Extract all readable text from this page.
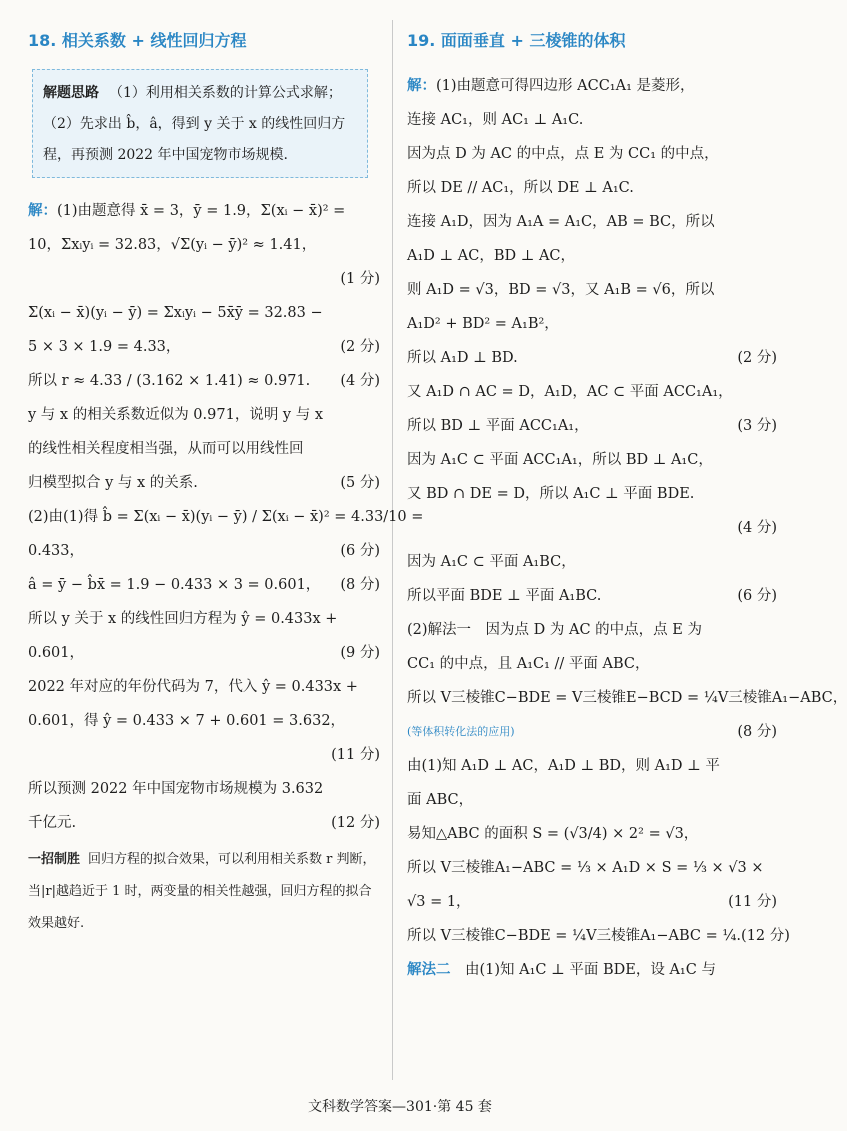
18. 相关系数 + 线性回归方程

解题思路 （1）利用相关系数的计算公式求解；（2）先求出 b̂，â，得到 y 关于 x 的线性回归方程，再预测 2022 年中国宠物市场规模.

解：(1)由题意得 x̄ = 3，ȳ = 1.9，Σ(xᵢ − x̄)² =
10，Σxᵢyᵢ = 32.83，√Σ(yᵢ − ȳ)² ≈ 1.41，
(1 分)
Σ(xᵢ − x̄)(yᵢ − ȳ) = Σxᵢyᵢ − 5x̄ȳ = 32.83 −
5 × 3 × 1.9 = 4.33，	(2 分)
所以 r ≈ 4.33 / (3.162 × 1.41) ≈ 0.971.	(4 分)
y 与 x 的相关系数近似为 0.971，说明 y 与 x
的线性相关程度相当强，从而可以用线性回
归模型拟合 y 与 x 的关系.	(5 分)
(2)由(1)得 b̂ = Σ(xᵢ − x̄)(yᵢ − ȳ) / Σ(xᵢ − x̄)² = 4.33/10 =
0.433，	(6 分)
â = ȳ − b̂x̄ = 1.9 − 0.433 × 3 = 0.601，	(8 分)
所以 y 关于 x 的线性回归方程为 ŷ = 0.433x +
0.601，	(9 分)
2022 年对应的年份代码为 7，代入 ŷ = 0.433x +
0.601，得 ŷ = 0.433 × 7 + 0.601 = 3.632，
(11 分)
所以预测 2022 年中国宠物市场规模为 3.632
千亿元.	(12 分)
一招制胜 回归方程的拟合效果，可以利用相关系数 r 判断，当|r|越趋近于 1 时，两变量的相关性越强，回归方程的拟合效果越好.
19. 面面垂直 + 三棱锥的体积
解：(1)由题意可得四边形 ACC₁A₁ 是菱形，
连接 AC₁，则 AC₁ ⊥ A₁C.
因为点 D 为 AC 的中点，点 E 为 CC₁ 的中点，
所以 DE // AC₁，所以 DE ⊥ A₁C.
连接 A₁D，因为 A₁A = A₁C，AB = BC，所以
A₁D ⊥ AC，BD ⊥ AC，
则 A₁D = √3，BD = √3，又 A₁B = √6，所以
A₁D² + BD² = A₁B²，
所以 A₁D ⊥ BD.	(2 分)
又 A₁D ∩ AC = D，A₁D，AC ⊂ 平面 ACC₁A₁，
所以 BD ⊥ 平面 ACC₁A₁，	(3 分)
因为 A₁C ⊂ 平面 ACC₁A₁，所以 BD ⊥ A₁C，
又 BD ∩ DE = D，所以 A₁C ⊥ 平面 BDE.
(4 分)
因为 A₁C ⊂ 平面 A₁BC，
所以平面 BDE ⊥ 平面 A₁BC.	(6 分)
(2)解法一　因为点 D 为 AC 的中点，点 E 为
CC₁ 的中点，且 A₁C₁ // 平面 ABC，
所以 V三棱锥C−BDE = V三棱锥E−BCD = ¼V三棱锥A₁−ABC，
(等体积转化法的应用)	(8 分)
由(1)知 A₁D ⊥ AC，A₁D ⊥ BD，则 A₁D ⊥ 平
面 ABC，
易知△ABC 的面积 S = (√3/4) × 2² = √3，
所以 V三棱锥A₁−ABC = ⅓ × A₁D × S = ⅓ × √3 ×
√3 = 1，	(11 分)
所以 V三棱锥C−BDE = ¼V三棱锥A₁−ABC = ¼. (12 分)
解法二　由(1)知 A₁C ⊥ 平面 BDE，设 A₁C 与
文科数学答案—301·第 45 套
